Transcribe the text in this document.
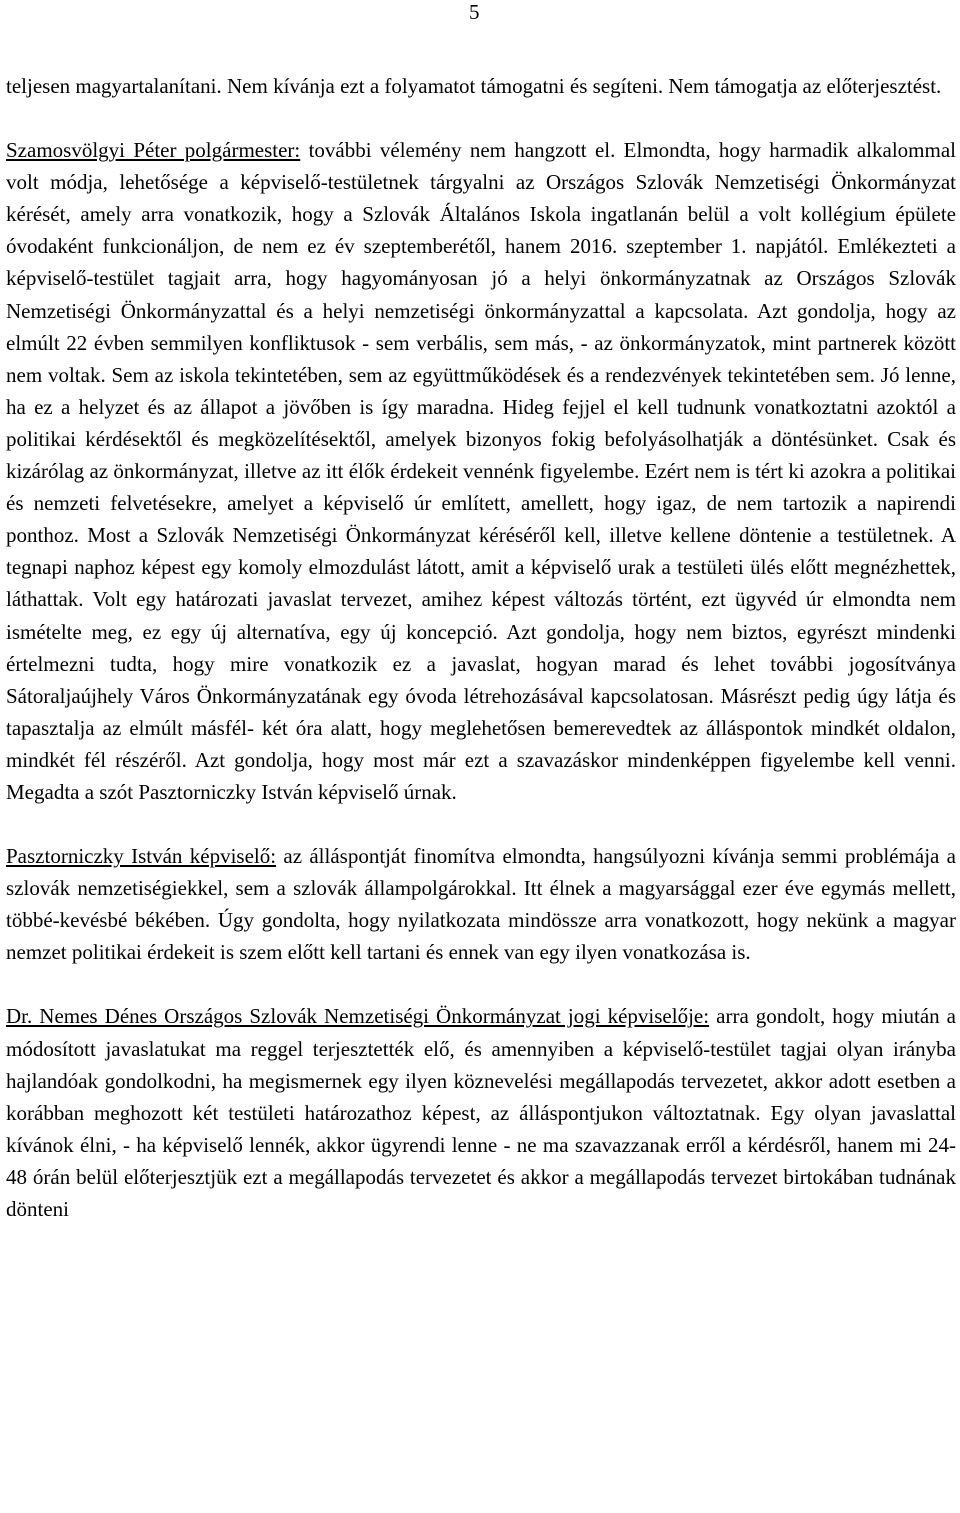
5

teljesen magyartalanítani. Nem kívánja ezt a folyamatot támogatni és segíteni. Nem támogatja az előterjesztést.

Szamosvölgyi Péter polgármester: további vélemény nem hangzott el. Elmondta, hogy harmadik alkalommal volt módja, lehetősége a képviselő-testületnek tárgyalni az Országos Szlovák Nemzetiségi Önkormányzat kérését, amely arra vonatkozik, hogy a Szlovák Általános Iskola ingatlanán belül a volt kollégium épülete óvodaként funkcionáljon, de nem ez év szeptemberétől, hanem 2016. szeptember 1. napjától. Emlékezteti a képviselő-testület tagjait arra, hogy hagyományosan jó a helyi önkormányzatnak az Országos Szlovák Nemzetiségi Önkormányzattal és a helyi nemzetiségi önkormányzattal a kapcsolata. Azt gondolja, hogy az elmúlt 22 évben semmilyen konfliktusok - sem verbális, sem más, - az önkormányzatok, mint partnerek között nem voltak. Sem az iskola tekintetében, sem az együttműködések és a rendezvények tekintetében sem. Jó lenne, ha ez a helyzet és az állapot a jövőben is így maradna. Hideg fejjel el kell tudnunk vonatkoztatni azoktól a politikai kérdésektől és megközelítésektől, amelyek bizonyos fokig befolyásolhatják a döntésünket. Csak és kizárólag az önkormányzat, illetve az itt élők érdekeit vennénk figyelembe. Ezért nem is tért ki azokra a politikai és nemzeti felvetésekre, amelyet a képviselő úr említett, amellett, hogy igaz, de nem tartozik a napirendi ponthoz. Most a Szlovák Nemzetiségi Önkormányzat kéréséről kell, illetve kellene döntenie a testületnek. A tegnapi naphoz képest egy komoly elmozdulást látott, amit a képviselő urak a testületi ülés előtt megnézhettek, láthattak. Volt egy határozati javaslat tervezet, amihez képest változás történt, ezt ügyvéd úr elmondta nem ismételte meg, ez egy új alternatíva, egy új koncepció. Azt gondolja, hogy nem biztos, egyrészt mindenki értelmezni tudta, hogy mire vonatkozik ez a javaslat, hogyan marad és lehet további jogosítványa Sátoraljaújhely Város Önkormányzatának egy óvoda létrehozásával kapcsolatosan. Másrészt pedig úgy látja és tapasztalja az elmúlt másfél- két óra alatt, hogy meglehetősen bemerevedtek az álláspontok mindkét oldalon, mindkét fél részéről. Azt gondolja, hogy most már ezt a szavazáskor mindenképpen figyelembe kell venni. Megadta a szót Pasztorniczky István képviselő úrnak.

Pasztorniczky István képviselő: az álláspontját finomítva elmondta, hangsúlyozni kívánja semmi problémája a szlovák nemzetiségiekkel, sem a szlovák állampolgárokkal. Itt élnek a magyarsággal ezer éve egymás mellett, többé-kevésbé békében. Úgy gondolta, hogy nyilatkozata mindössze arra vonatkozott, hogy nekünk a magyar nemzet politikai érdekeit is szem előtt kell tartani és ennek van egy ilyen vonatkozása is.

Dr. Nemes Dénes Országos Szlovák Nemzetiségi Önkormányzat jogi képviselője: arra gondolt, hogy miután a módosított javaslatukat ma reggel terjesztették elő, és amennyiben a képviselő-testület tagjai olyan irányba hajlandóak gondolkodni, ha megismernek egy ilyen köznevelési megállapodás tervezetet, akkor adott esetben a korábban meghozott két testületi határozathoz képest, az álláspontjukon változtatnak. Egy olyan javaslattal kívánok élni, - ha képviselő lennék, akkor ügyrendi lenne - ne ma szavazzanak erről a kérdésről, hanem mi 24-48 órán belül előterjesztjük ezt a megállapodás tervezetet és akkor a megállapodás tervezet birtokában tudnának dönteni
